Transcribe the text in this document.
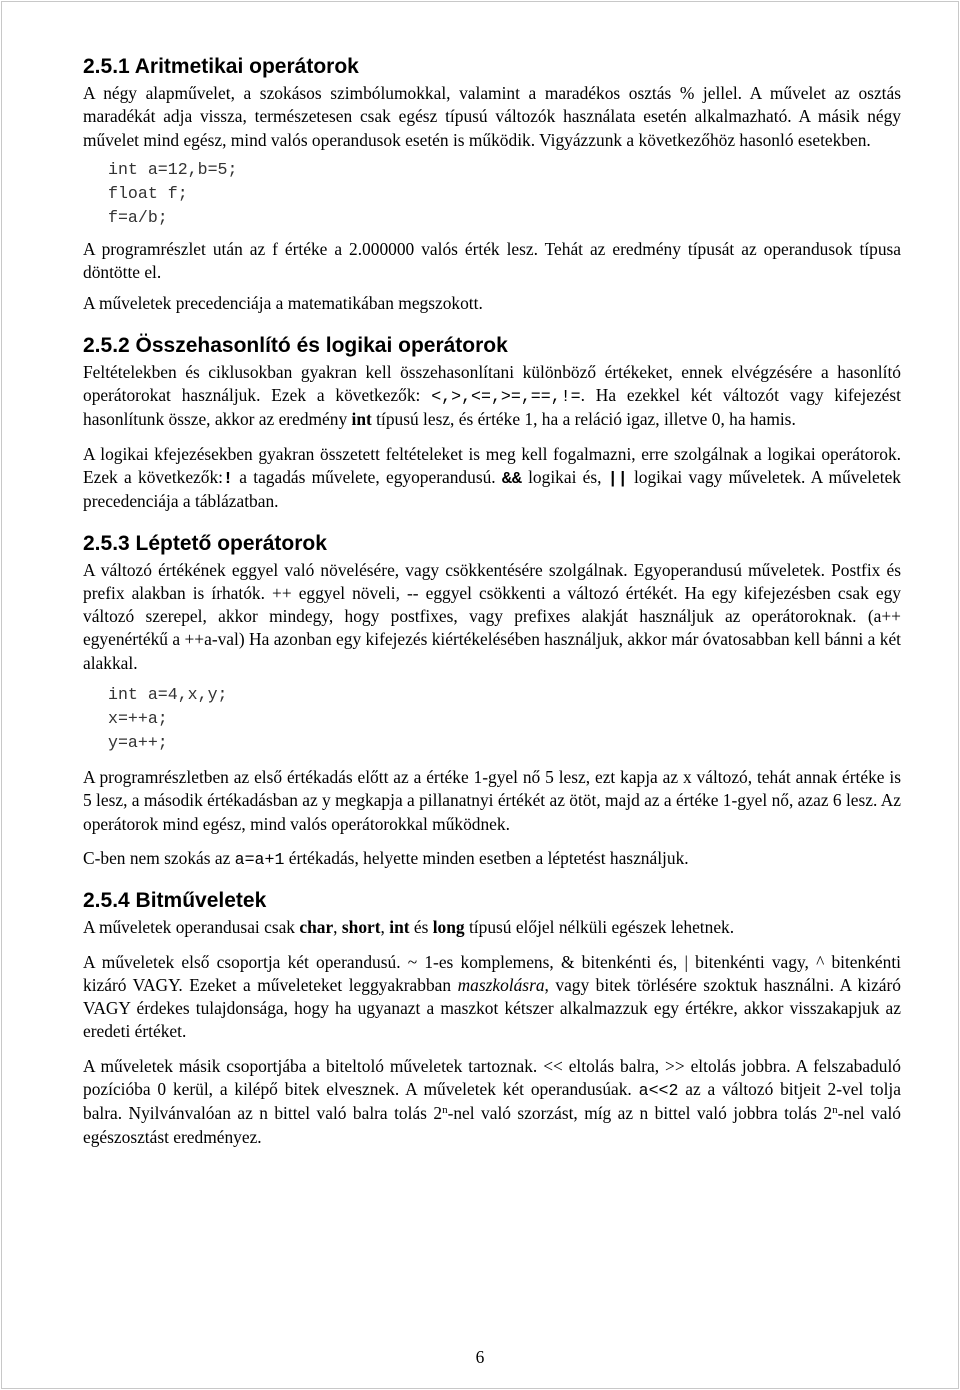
2.5.1 Aritmetikai operátorok

A négy alapművelet, a szokásos szimbólumokkal, valamint a maradékos osztás % jellel. A művelet az osztás maradékát adja vissza, természetesen csak egész típusú változók használata esetén alkalmazható. A másik négy művelet mind egész, mind valós operandusok esetén is működik. Vigyázzunk a következőhöz hasonló esetekben.

int a=12,b=5;
float f;
f=a/b;

A programrészlet után az f értéke a 2.000000 valós érték lesz. Tehát az eredmény típusát az operandusok típusa döntötte el.

A műveletek precedenciája a matematikában megszokott.

2.5.2 Összehasonlító és logikai operátorok

Feltételekben és ciklusokban gyakran kell összehasonlítani különböző értékeket, ennek elvégzésére a hasonlító operátorokat használjuk. Ezek a következők: <,>,<=,>=,==,!=. Ha ezekkel két változót vagy kifejezést hasonlítunk össze, akkor az eredmény int típusú lesz, és értéke 1, ha a reláció igaz, illetve 0, ha hamis.

A logikai kfejezésekben gyakran összetett feltételeket is meg kell fogalmazni, erre szolgálnak a logikai operátorok. Ezek a következők:! a tagadás művelete, egyoperandusú. && logikai és, || logikai vagy műveletek. A műveletek precedenciája a táblázatban.

2.5.3 Léptető operátorok

A változó értékének eggyel való növelésére, vagy csökkentésére szolgálnak. Egyoperandusú műveletek. Postfix és prefix alakban is írhatók. ++ eggyel növeli, -- eggyel csökkenti a változó értékét. Ha egy kifejezésben csak egy változó szerepel, akkor mindegy, hogy postfixes, vagy prefixes alakját használjuk az operátoroknak. (a++ egyenértékű a ++a-val) Ha azonban egy kifejezés kiértékelésében használjuk, akkor már óvatosabban kell bánni a két alakkal.

int a=4,x,y;
x=++a;
y=a++;

A programrészletben az első értékadás előtt az a értéke 1-gyel nő 5 lesz, ezt kapja az x változó, tehát annak értéke is 5 lesz, a második értékadásban az y megkapja a pillanatnyi értékét az ötöt, majd az a értéke 1-gyel nő, azaz 6 lesz. Az operátorok mind egész, mind valós operátorokkal működnek.

C-ben nem szokás az a=a+1 értékadás, helyette minden esetben a léptetést használjuk.

2.5.4 Bitműveletek

A műveletek operandusai csak char, short, int és long típusú előjel nélküli egészek lehetnek.

A műveletek első csoportja két operandusú. ~ 1-es komplemens, & bitenkénti és, | bitenkénti vagy, ^ bitenkénti kizáró VAGY. Ezeket a műveleteket leggyakrabban maszkolásra, vagy bitek törlésére szoktuk használni. A kizáró VAGY érdekes tulajdonsága, hogy ha ugyanazt a maszkot kétszer alkalmazzuk egy értékre, akkor visszakapjuk az eredeti értéket.

A műveletek másik csoportjába a biteltoló műveletek tartoznak. << eltolás balra, >> eltolás jobbra. A felszabaduló pozícióba 0 kerül, a kilépő bitek elvesznek. A műveletek két operandusúak. a<<2 az a változó bitjeit 2-vel tolja balra. Nyilvánvalóan az n bittel való balra tolás 2$^n$-nel való szorzást, míg az n bittel való jobbra tolás 2$^n$-nel való egészosztást eredményez.

6
